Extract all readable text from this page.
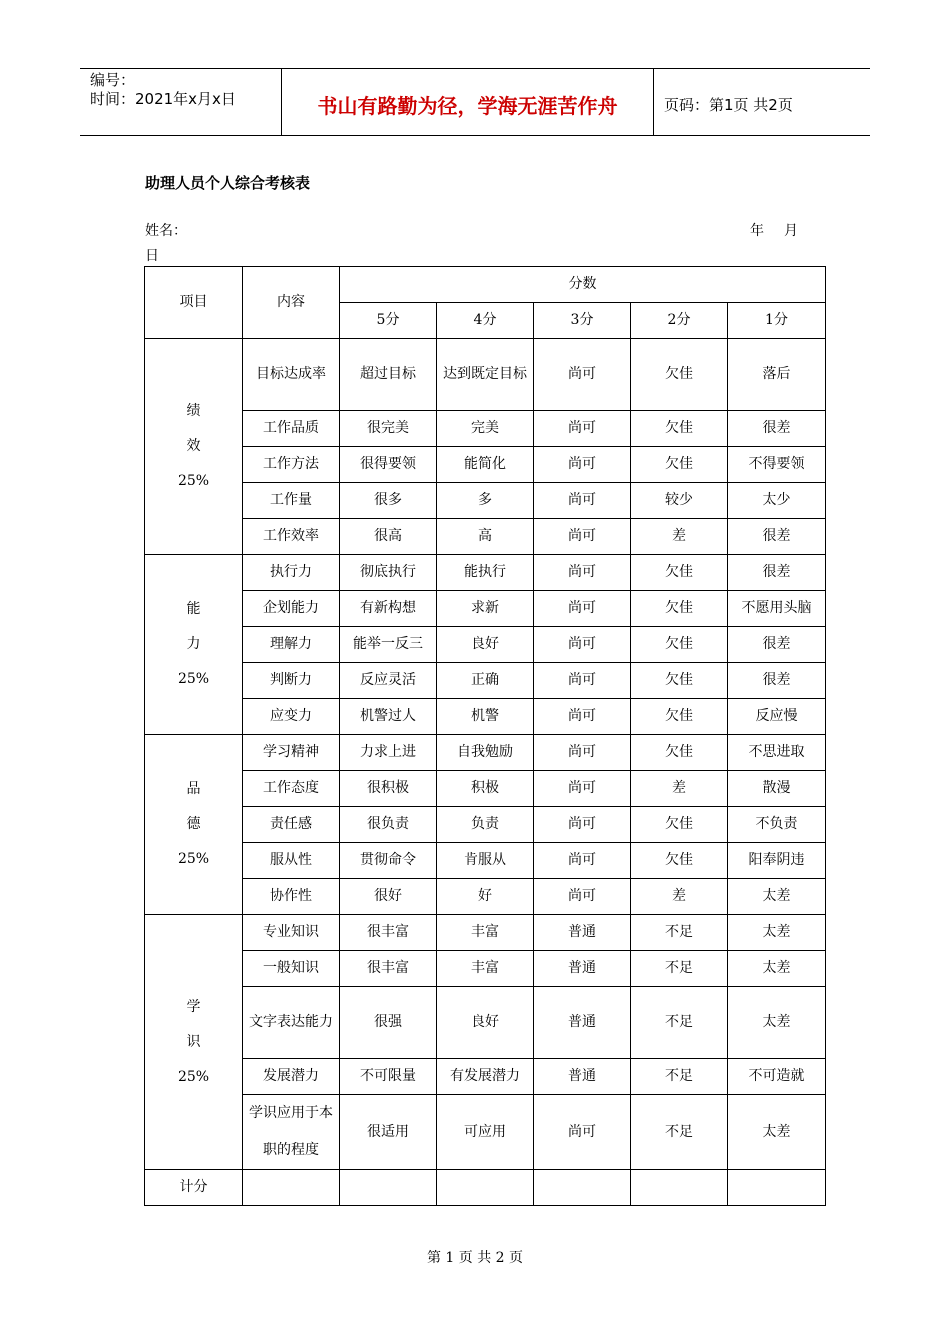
编号：
时间：2021年x月x日	书山有路勤为径，学海无涯苦作舟	页码：第1页 共2页
助理人员个人综合考核表
姓名：	年 月
日
项目	内容	分数				
		5分	4分	3分	2分	1分

绩
效
25%	目标达成率	超过目标	达到既定目标	尚可	欠佳	落后
	工作品质	很完美	完美	尚可	欠佳	很差
	工作方法	很得要领	能简化	尚可	欠佳	不得要领
	工作量	很多	多	尚可	较少	太少
	工作效率	很高	高	尚可	差	很差

能
力
25%	执行力	彻底执行	能执行	尚可	欠佳	很差
	企划能力	有新构想	求新	尚可	欠佳	不愿用头脑
	理解力	能举一反三	良好	尚可	欠佳	很差
	判断力	反应灵活	正确	尚可	欠佳	很差
	应变力	机警过人	机警	尚可	欠佳	反应慢

品
德
25%	学习精神	力求上进	自我勉励	尚可	欠佳	不思进取
	工作态度	很积极	积极	尚可	差	散漫
	责任感	很负责	负责	尚可	欠佳	不负责
	服从性	贯彻命令	肯服从	尚可	欠佳	阳奉阴违
	协作性	很好	好	尚可	差	太差

学
识
25%	专业知识	很丰富	丰富	普通	不足	太差
	一般知识	很丰富	丰富	普通	不足	太差
	文字表达能力	很强	良好	普通	不足	太差
	发展潜力	不可限量	有发展潜力	普通	不足	不可造就
	学识应用于本职的程度	很适用	可应用	尚可	不足	太差
计分						
第 1 页 共 2 页
